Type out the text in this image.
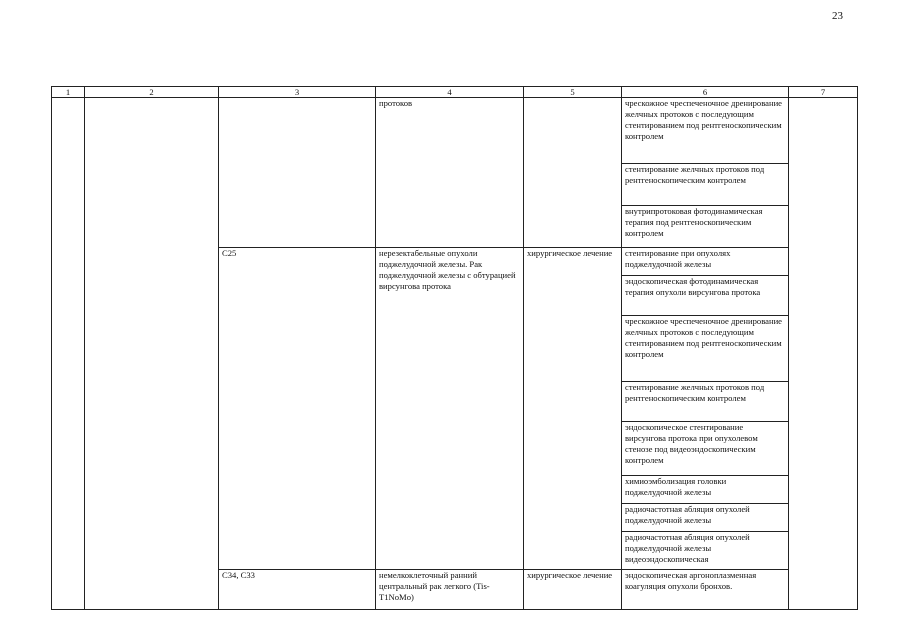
23
1	2	3	4	5	6	7
			протоков		чрескожное чреспеченочное дренирование желчных протоков с последующим стентированием под рентгеноскопическим контролем	
					стентирование желчных протоков под рентгеноскопическим контролем	
					внутрипротоковая фотодинамическая терапия под рентгеноскопическим контролем	
		C25	нерезектабельные опухоли поджелудочной железы. Рак поджелудочной железы с обтурацией вирсунгова протока	хирургическое лечение	стентирование при опухолях поджелудочной железы	
					эндоскопическая фотодинамическая терапия опухоли вирсунгова протока	
					чрескожное чреспеченочное дренирование желчных протоков с последующим стентированием под рентгеноскопическим контролем	
					стентирование желчных протоков под рентгеноскопическим контролем	
					эндоскопическое стентирование вирсунгова протока при опухолевом стенозе под видеоэндоскопическим контролем	
					химиоэмболизация головки поджелудочной железы	
					радиочастотная абляция опухолей поджелудочной железы	
					радиочастотная абляция опухолей поджелудочной железы видеоэндоскопическая	
		C34, C33	немелкоклеточный ранний центральный рак легкого (Tis-T1NoMo)	хирургическое лечение	эндоскопическая аргоноплазменная коагуляция опухоли бронхов.	
